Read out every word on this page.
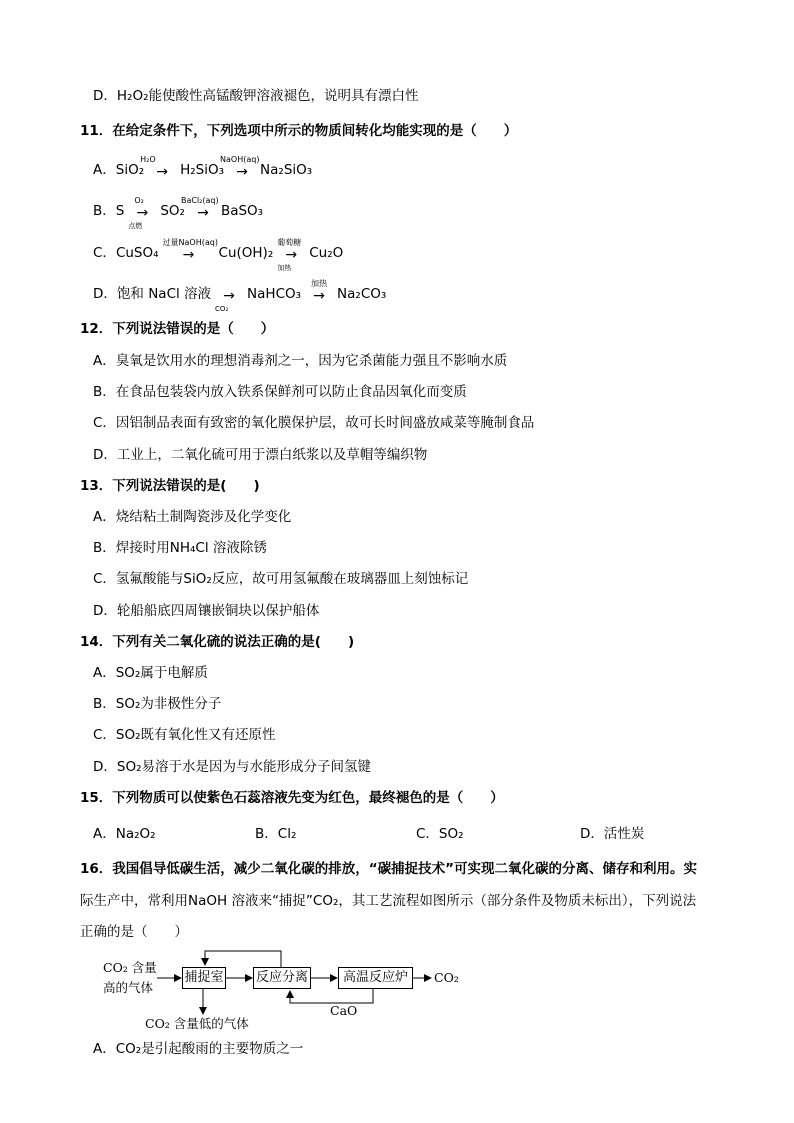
D．H₂O₂能使酸性高锰酸钾溶液褪色，说明具有漂白性
11．在给定条件下，下列选项中所示的物质间转化均能实现的是（　　）
A．SiO₂
H₂O
→ H₂SiO₃
NaOH(aq)
→ Na₂SiO₃
B．S
O₂
→
点燃
SO₂
BaCl₂(aq)
→ BaSO₃
C．CuSO₄
过量NaOH(aq)
→	Cu(OH)₂
葡萄糖
→
加热
Cu₂O
D．饱和 NaCl 溶液 →
CO₂
NaHCO₃
加热
→ Na₂CO₃
12．下列说法错误的是（　　）
A．臭氧是饮用水的理想消毒剂之一，因为它杀菌能力强且不影响水质
B．在食品包装袋内放入铁系保鲜剂可以防止食品因氧化而变质
C．因铝制品表面有致密的氧化膜保护层，故可长时间盛放咸菜等腌制食品
D．工业上，二氧化硫可用于漂白纸浆以及草帽等编织物
13．下列说法错误的是(　　)
A．烧结粘土制陶瓷涉及化学变化
B．焊接时用NH₄Cl 溶液除锈
C．氢氟酸能与SiO₂反应，故可用氢氟酸在玻璃器皿上刻蚀标记
D．轮船船底四周镶嵌铜块以保护船体
14．下列有关二氧化硫的说法正确的是(　　)
A．SO₂属于电解质
B．SO₂为非极性分子
C．SO₂既有氧化性又有还原性
D．SO₂易溶于水是因为与水能形成分子间氢键
15．下列物质可以使紫色石蕊溶液先变为红色，最终褪色的是（　　）
A．Na₂O₂	B．Cl₂	C．SO₂	D．活性炭
16．我国倡导低碳生活，减少二氧化碳的排放，“碳捕捉技术”可实现二氧化碳的分离、储存和利用。实
际生产中，常利用NaOH 溶液来“捕捉”CO₂，其工艺流程如图所示（部分条件及物质未标出），下列说法
正确的是（　　）
CO₂ 含量
高的气体
捕捉室 反应分离	高温反应炉	CO₂
CO₂ 含量低的气体
CaO
A．CO₂是引起酸雨的主要物质之一
